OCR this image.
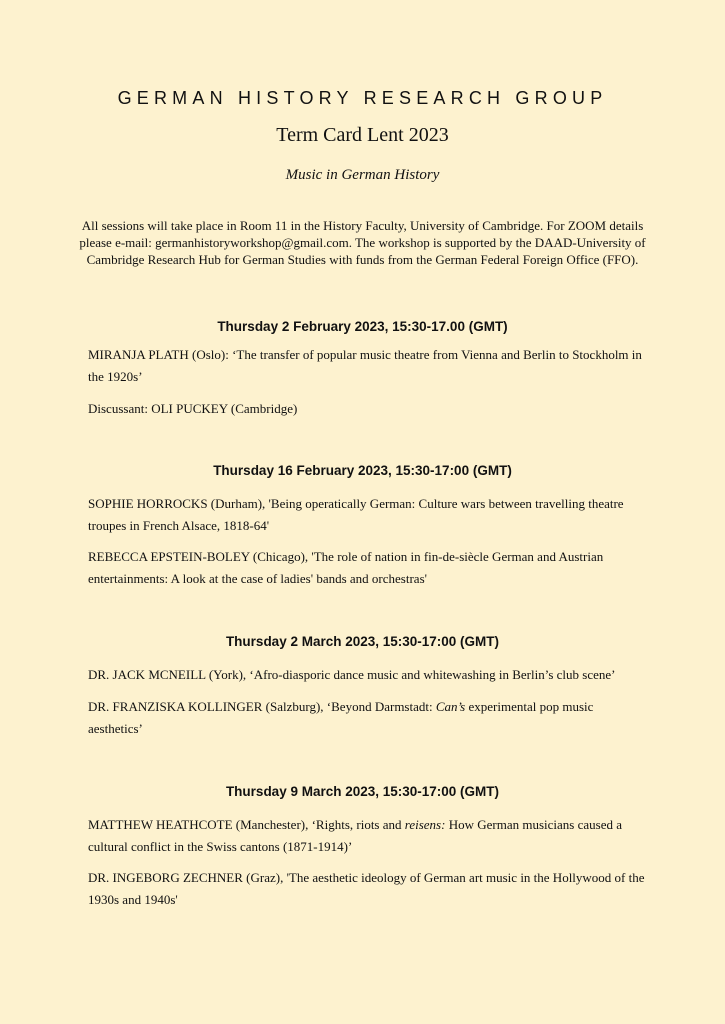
GERMAN HISTORY RESEARCH GROUP
Term Card Lent 2023
Music in German History
All sessions will take place in Room 11 in the History Faculty, University of Cambridge. For ZOOM details please e-mail: germanhistoryworkshop@gmail.com. The workshop is supported by the DAAD-University of Cambridge Research Hub for German Studies with funds from the German Federal Foreign Office (FFO).
Thursday 2 February 2023, 15:30-17.00 (GMT)
MIRANJA PLATH (Oslo): ‘The transfer of popular music theatre from Vienna and Berlin to Stockholm in the 1920s’
Discussant: OLI PUCKEY (Cambridge)
Thursday 16 February 2023, 15:30-17:00 (GMT)
SOPHIE HORROCKS (Durham), 'Being operatically German: Culture wars between travelling theatre troupes in French Alsace, 1818-64'
REBECCA EPSTEIN-BOLEY (Chicago), 'The role of nation in fin-de-siècle German and Austrian entertainments: A look at the case of ladies' bands and orchestras'
Thursday 2 March 2023, 15:30-17:00 (GMT)
DR. JACK MCNEILL (York), ‘Afro-diasporic dance music and whitewashing in Berlin’s club scene’
DR. FRANZISKA KOLLINGER (Salzburg), ‘Beyond Darmstadt: Can’s experimental pop music aesthetics’
Thursday 9 March 2023, 15:30-17:00 (GMT)
MATTHEW HEATHCOTE (Manchester), ‘Rights, riots and reisens: How German musicians caused a cultural conflict in the Swiss cantons (1871-1914)’
DR. INGEBORG ZECHNER (Graz), 'The aesthetic ideology of German art music in the Hollywood of the 1930s and 1940s'
